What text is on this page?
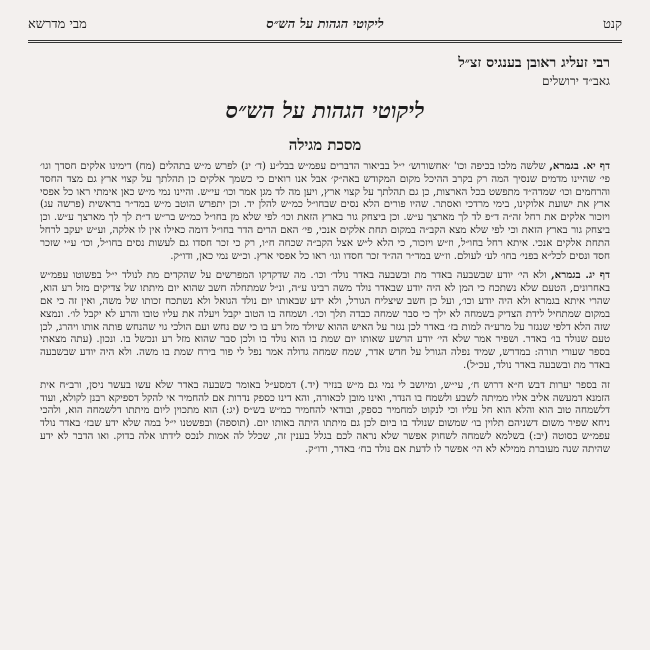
קנט
ליקוטי הגהות על הש״ס
מבי מדרשא
רבי זעליג ראובן בענגיס זצ״ל
גאב״ד ירושלים
ליקוטי הגהות על הש״ס
מסכת מגילה

דף יא. בגמרא, שלשה מלכו בכיפה וכו' ׳אחשורוש׳ י״ל בביאור הדברים עפמ״ש בבל״ע (ד׳ ינ) לפרש מ״ש בתהלים (מח) דימינו אלקים חסדך וגו׳ פי׳ שהיינו מדמים שנסיך המה רק בקרב ההיכל מקום המקודש באה״ק׳ אבל אנו רואים כי כשמך אלקים כן תהלתך על קצוי ארץ גם מצד החסד והרחמים וכו׳ שמדה״ד מתפשט בכל הארצות, כן גם תהלתך על קצוי ארץ, ויען מה לד מגן אמר וכו׳ עי״ש. והיינו נמי מ״ש כאן אימתי ראו כל אפסי ארץ את ישועת אלוקינו, בימי מרדכי ואסתר. שהיו פורים הלא נסים שבחו״ל כמ״ש להלן יד. וכן יתפרש הוטב מ״ש במד״ר בראשית (פרשה עג) ויזכור אלקים את רחל זה״ה ד״פ לד לך מארצך ע״ש. וכן ביצחק גור בארץ הזאת וכו׳ לפי שלא מן בחו״ל כמ״ש בר״ש ד״ת לך לך מארצך ע״ש. וכן ביצחק גור בארץ הזאת וכי לפי שלא מצא הקב״ה במקום תחת אלקים אנכי, פי׳ האם הרים הדר בחו״ל דומה כאילו אין לו אלקה, וע״ש יעקב לרחל התחת אלקים אנכי. איתא רחל בחו״ל, וז״ש ויזכור, כי הלא ל״ש אצל הקב״ה שכחה ח״ו, רק כי זכר חסדו גם לעשות נסים בחו״ל, וכו׳ ע״י שזכר חסד ונסים לכל״א בפני׳ בחו׳ לע׳ לעולם. וז״ש במד״ר הה״ד זכר חסדו וגו׳ ראו כל אפסי ארץ. וכ״ש נמי כאן, ודו״ק.

דף יג. בגמרא, ולא הי׳ יודע שבשבעה באדר מת ובשבעה באדר נולד׳ וכו׳. מה שדקדקו המפרשים על שהקדים מת לנולד י״ל בפשוטו עפמ״ש באחרונים, הטעם שלא נשתכח כי המן לא היה יודע שבאדר נולד משה רבינו ע״ה, ונ״ל שמתחלה חשב שהוא יום מיתתו של צדיקים מזל רע הוא, שהרי איתא בגמרא ולא היה יודע וכו׳, ועל כן חשב שיצליח הגורל, ולא ידע שבאותו יום נולד הגואל ולא נשתכח זכותו של משה, ואין זה כי אם במקום שמתחיל לידת הצדיק בשמחה לא ילך כי סבר שמחה כבדה תלך וכו׳. ושמחה בו הטוב יקבל ויעלה את עליו טובו והרע לא יקבל לו׳. ונמצא שזה הלא דלפי שנגזר על מרע״ה למות בז׳ באדר לכן נגזר על האיש ההוא שיולד מזל רע בו כי שם נחש ועם הולכי גוי שהנחש פותה אותו ויהרג, לכן טעם שנולד בו׳ באדר. ושפיר אמר שלא הי׳ יודע הרשע שאותו יום שמת בו הוא נולד בו ולכן סבר שהוא מזל רע ונכשל בו. ונכון. (עתה מצאתי בספר שעורי תורה: במדרש, שמיד נפלה הגורל על חדש אדר, שמח שמחה גדולה אמר נפל לי פור בירח שמת בו משה. ולא היה יודע שבשבעה באדר מת ובשבעה באדר נולד, עכ״ל).

זה בספר יערות דבש ח״א דרוש ח׳, עי״ש, ומיושב לי נמי גם מ״ש בנזיר (יד.) דמסע״ל באומר כשבעה באדר שלא עשו בעשר ניסן, ורב״ח אית הזמנא דמעשה אליב אליו ממיתה לשבע ולשמח בו הנדר, ואינו מובן לכאורה, והא דינו כספק נדרות אם להחמיר אי להקל דספיקא רבנן לקולא, ועוד דלשמחה טוב הוא והלא הוא חל עליו וכי לנקוט למחמיר כספק, ובודאי להחמיר כמ״ש בש״ס (יג:) הוא מתכוין ליום מיתתו דלשמחה הוא, ולהכי ניחא שפיר משום דשניהם תלוין בו׳ שמשום שנולד בו ביום לכן גם מיתתו היתה באותו יום. (תוספה) ובפשטנו י״ל במה שלא ידע שבז׳ באדר נולד עפמ״ש בסוטה (יב:) בשלמא לשמחה לשחוק אפשר שלא נראה לכם בגלל בענין זה, שכלל לה אמות לנכס לידתו אלה בדוק. ואו הדבר לא ידע שהיתה שנה מעוברת ממילא לא הי׳ אפשר לו לדעת אם נולד בח׳ באדר, ודו״ק.
